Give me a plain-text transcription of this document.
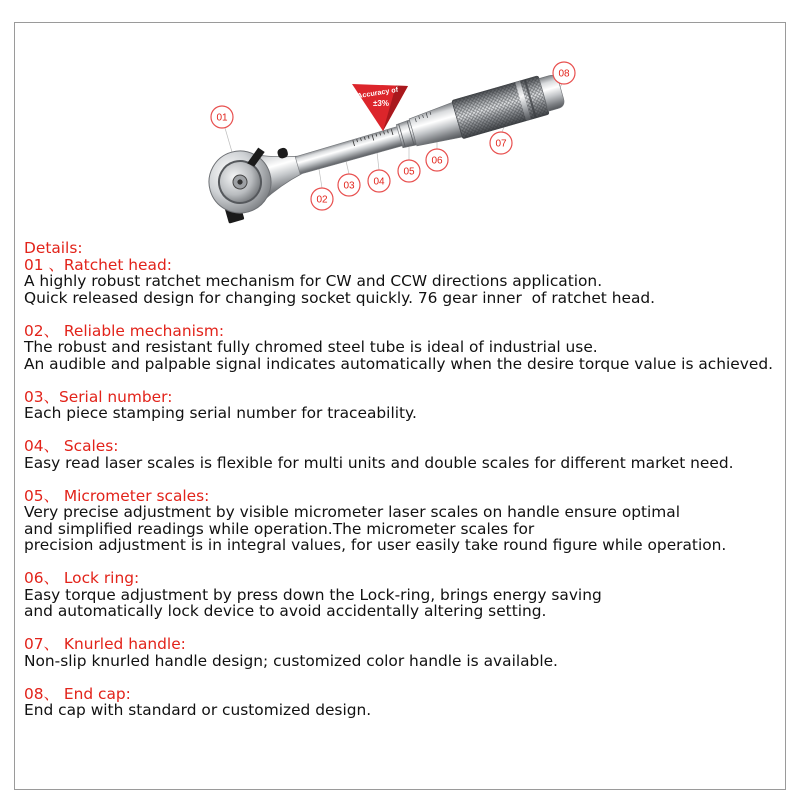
Accuracy of
±3%
01
02
03 04
05
06
07
08
Details:
01 、Ratchet head:
A highly robust ratchet mechanism for CW and CCW directions application.
Quick released design for changing socket quickly. 76 gear inner  of ratchet head.
02、 Reliable mechanism:
The robust and resistant fully chromed steel tube is ideal of industrial use.
An audible and palpable signal indicates automatically when the desire torque value is achieved.
03、Serial number:
Each piece stamping serial number for traceability.
04、 Scales:
Easy read laser scales is flexible for multi units and double scales for different market need.
05、 Micrometer scales:
Very precise adjustment by visible micrometer laser scales on handle ensure optimal
and simplified readings while operation.The micrometer scales for
precision adjustment is in integral values, for user easily take round figure while operation.
06、 Lock ring:
Easy torque adjustment by press down the Lock-ring, brings energy saving
and automatically lock device to avoid accidentally altering setting.
07、 Knurled handle:
Non-slip knurled handle design; customized color handle is available.
08、 End cap:
End cap with standard or customized design.
